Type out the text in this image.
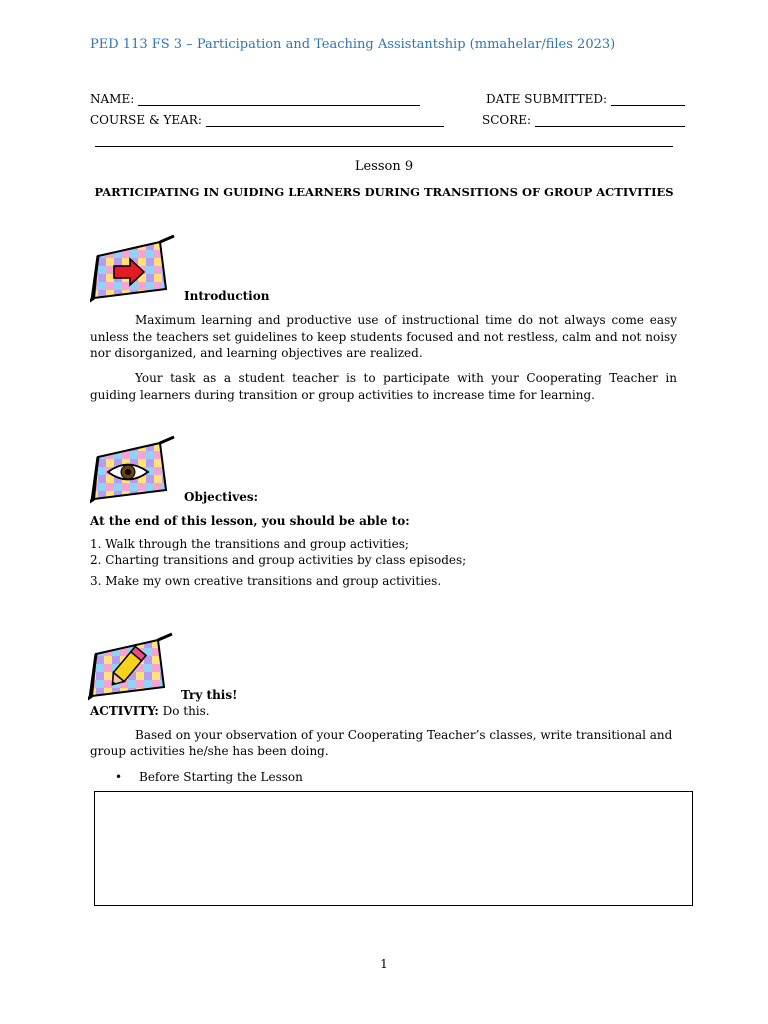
PED 113 FS 3 – Participation and Teaching Assistantship (mmahelar/files 2023)
NAME:	DATE SUBMITTED:
COURSE & YEAR:	SCORE:
Lesson 9
PARTICIPATING IN GUIDING LEARNERS DURING TRANSITIONS OF GROUP ACTIVITIES
Introduction

Maximum learning and productive use of instructional time do not always come easy unless the teachers set guidelines to keep students focused and not restless, calm and not noisy nor disorganized, and learning objectives are realized.

Your task as a student teacher is to participate with your Cooperating Teacher in guiding learners during transition or group activities to increase time for learning.

Objectives:
At the end of this lesson, you should be able to:
1. Walk through the transitions and group activities;
2. Charting transitions and group activities by class episodes;
3. Make my own creative transitions and group activities.
Try this!
ACTIVITY: Do this.
Based on your observation of your Cooperating Teacher’s classes, write transitional and
group activities he/she has been doing.
• Before Starting the Lesson
1
